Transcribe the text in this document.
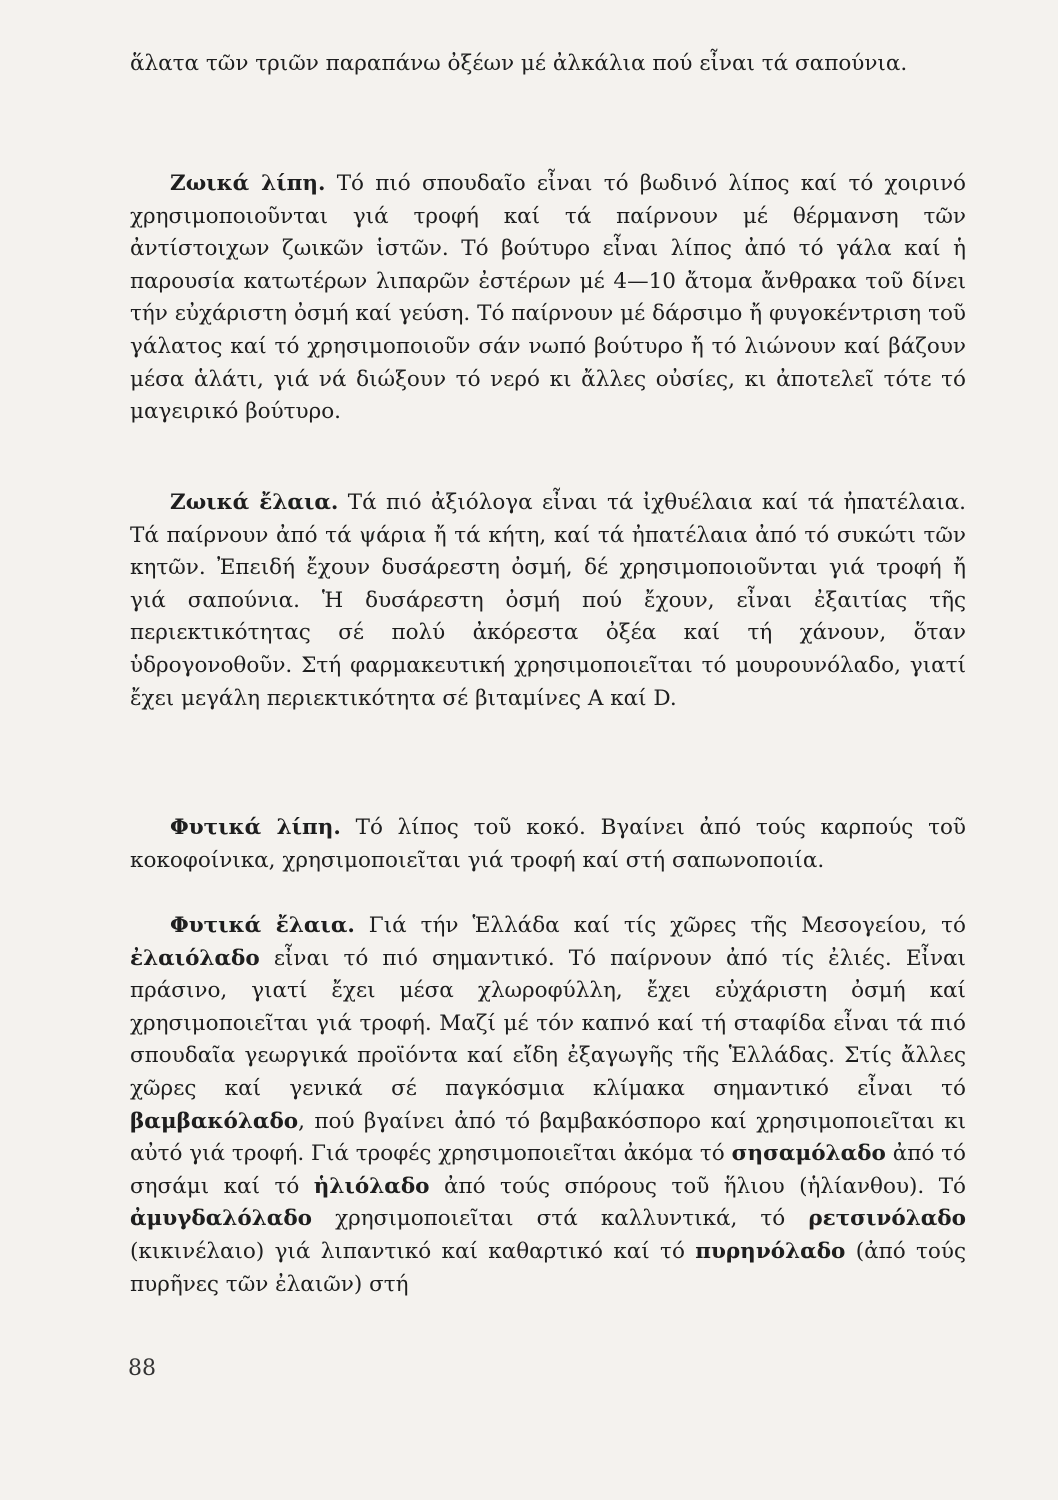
ἅλατα τῶν τριῶν παραπάνω ὀξέων μέ ἀλκάλια πού εἶναι τά σαπούνια.

Ζωικά λίπη. Τό πιό σπουδαῖο εἶναι τό βωδινό λίπος καί τό χοιρινό χρησιμοποιοῦνται γιά τροφή καί τά παίρνουν μέ θέρμανση τῶν ἀντίστοιχων ζωικῶν ἱστῶν. Τό βούτυρο εἶναι λίπος ἀπό τό γάλα καί ἡ παρουσία κατωτέρων λιπαρῶν ἐστέρων μέ 4—10 ἄτομα ἄνθρακα τοῦ δίνει τήν εὐχάριστη ὀσμή καί γεύση. Τό παίρνουν μέ δάρσιμο ἤ φυγοκέντριση τοῦ γάλατος καί τό χρησιμοποιοῦν σάν νωπό βούτυρο ἤ τό λιώνουν καί βάζουν μέσα ἁλάτι, γιά νά διώξουν τό νερό κι ἄλλες οὐσίες, κι ἀποτελεῖ τότε τό μαγειρικό βούτυρο.

Ζωικά ἔλαια. Τά πιό ἀξιόλογα εἶναι τά ἰχθυέλαια καί τά ἠπατέλαια. Τά παίρνουν ἀπό τά ψάρια ἤ τά κήτη, καί τά ἠπατέλαια ἀπό τό συκώτι τῶν κητῶν. Ἐπειδή ἔχουν δυσάρεστη ὀσμή, δέ χρησιμοποιοῦνται γιά τροφή ἤ γιά σαπούνια. Ἡ δυσάρεστη ὀσμή πού ἔχουν, εἶναι ἐξαιτίας τῆς περιεκτικότητας σέ πολύ ἀκόρεστα ὀξέα καί τή χάνουν, ὅταν ὑδρογονοθοῦν. Στή φαρμακευτική χρησιμοποιεῖται τό μουρουνόλαδο, γιατί ἔχει μεγάλη περιεκτικότητα σέ βιταμίνες A καί D.

Φυτικά λίπη. Τό λίπος τοῦ κοκό. Βγαίνει ἀπό τούς καρπούς τοῦ κοκοφοίνικα, χρησιμοποιεῖται γιά τροφή καί στή σαπωνοποιία.

Φυτικά ἔλαια. Γιά τήν Ἑλλάδα καί τίς χῶρες τῆς Μεσογείου, τό ἐλαιόλαδο εἶναι τό πιό σημαντικό. Τό παίρνουν ἀπό τίς ἐλιές. Εἶναι πράσινο, γιατί ἔχει μέσα χλωροφύλλη, ἔχει εὐχάριστη ὀσμή καί χρησιμοποιεῖται γιά τροφή. Μαζί μέ τόν καπνό καί τή σταφίδα εἶναι τά πιό σπουδαῖα γεωργικά προϊόντα καί εἴδη ἐξαγωγῆς τῆς Ἑλλάδας. Στίς ἄλλες χῶρες καί γενικά σέ παγκόσμια κλίμακα σημαντικό εἶναι τό βαμβακόλαδο, πού βγαίνει ἀπό τό βαμβακόσπορο καί χρησιμοποιεῖται κι αὐτό γιά τροφή. Γιά τροφές χρησιμοποιεῖται ἀκόμα τό σησαμόλαδο ἀπό τό σησάμι καί τό ἡλιόλαδο ἀπό τούς σπόρους τοῦ ἥλιου (ἡλίανθου). Τό ἀμυγδαλόλαδο χρησιμοποιεῖται στά καλλυντικά, τό ρετσινόλαδο (κικινέλαιο) γιά λιπαντικό καί καθαρτικό καί τό πυρηνόλαδο (ἀπό τούς πυρῆνες τῶν ἐλαιῶν) στή

88
